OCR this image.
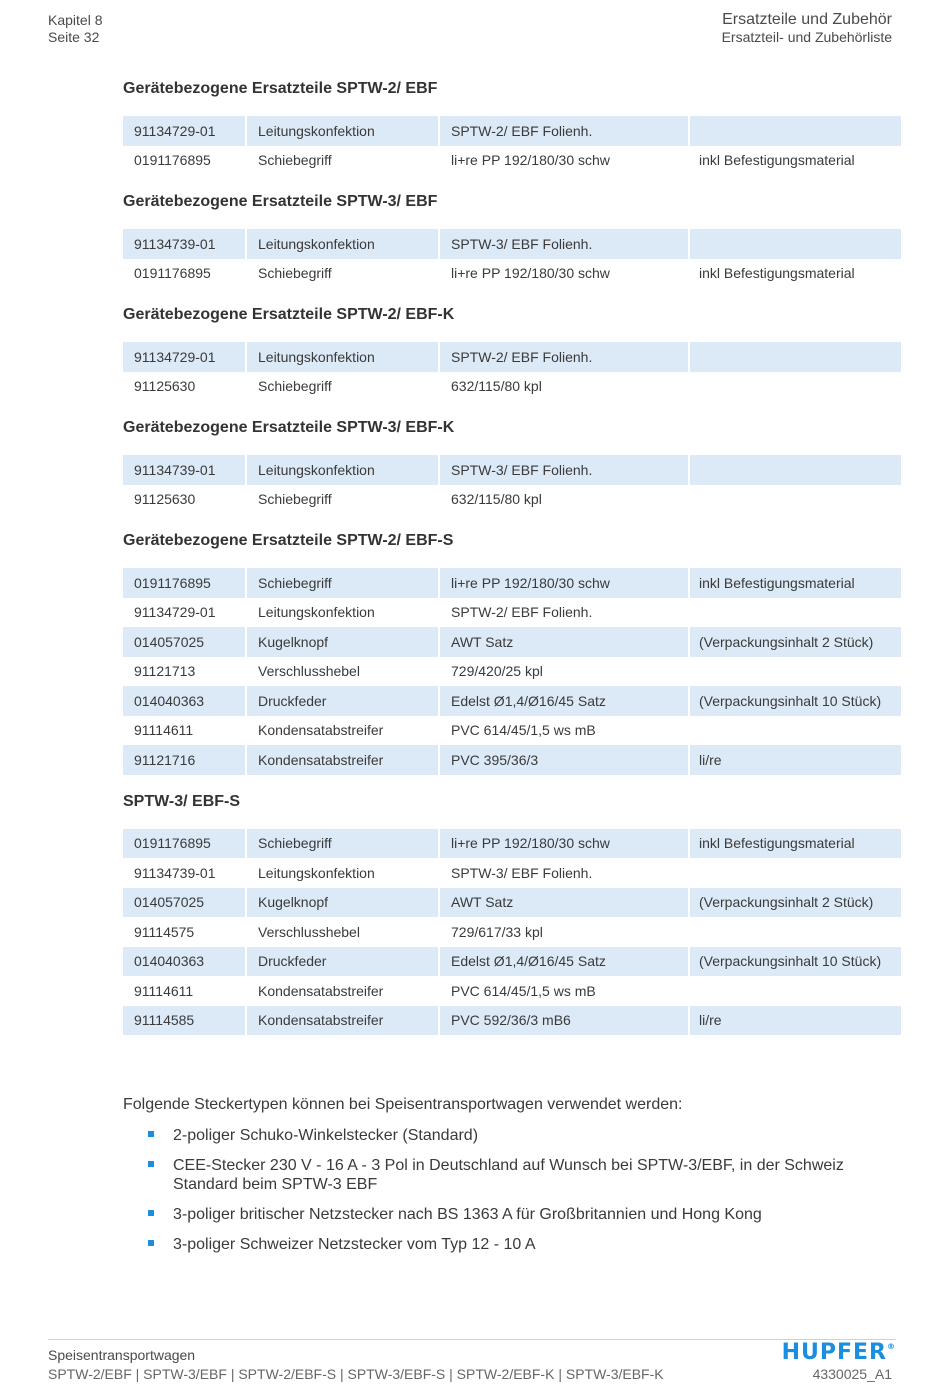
Kapitel 8
Seite 32
Ersatzteile und Zubehör
Ersatzteil- und Zubehörliste
Gerätebezogene Ersatzteile SPTW-2/ EBF
91134729-01	Leitungskonfektion	SPTW-2/ EBF Folienh.	
0191176895	Schiebegriff	li+re PP 192/180/30 schw	inkl Befestigungsmaterial
Gerätebezogene Ersatzteile SPTW-3/ EBF
91134739-01	Leitungskonfektion	SPTW-3/ EBF Folienh.	
0191176895	Schiebegriff	li+re PP 192/180/30 schw	inkl Befestigungsmaterial
Gerätebezogene Ersatzteile SPTW-2/ EBF-K
91134729-01	Leitungskonfektion	SPTW-2/ EBF Folienh.	
91125630	Schiebegriff	632/115/80 kpl	
Gerätebezogene Ersatzteile SPTW-3/ EBF-K
91134739-01	Leitungskonfektion	SPTW-3/ EBF Folienh.	
91125630	Schiebegriff	632/115/80 kpl	
Gerätebezogene Ersatzteile SPTW-2/ EBF-S
0191176895	Schiebegriff	li+re PP 192/180/30 schw	inkl Befestigungsmaterial
91134729-01	Leitungskonfektion	SPTW-2/ EBF Folienh.	
014057025	Kugelknopf	AWT Satz	(Verpackungsinhalt 2 Stück)
91121713	Verschlusshebel	729/420/25 kpl	
014040363	Druckfeder	Edelst Ø1,4/Ø16/45 Satz	(Verpackungsinhalt 10 Stück)
91114611	Kondensatabstreifer	PVC 614/45/1,5 ws mB	
91121716	Kondensatabstreifer	PVC 395/36/3	li/re
SPTW-3/ EBF-S
0191176895	Schiebegriff	li+re PP 192/180/30 schw	inkl Befestigungsmaterial
91134739-01	Leitungskonfektion	SPTW-3/ EBF Folienh.	
014057025	Kugelknopf	AWT Satz	(Verpackungsinhalt 2 Stück)
91114575	Verschlusshebel	729/617/33 kpl	
014040363	Druckfeder	Edelst Ø1,4/Ø16/45 Satz	(Verpackungsinhalt 10 Stück)
91114611	Kondensatabstreifer	PVC 614/45/1,5 ws mB	
91114585	Kondensatabstreifer	PVC 592/36/3 mB6	li/re
Folgende Steckertypen können bei Speisentransportwagen verwendet werden:
2-poliger Schuko-Winkelstecker (Standard)
CEE-Stecker 230 V - 16 A - 3 Pol in Deutschland auf Wunsch bei SPTW-3/EBF, in der Schweiz Standard beim SPTW-3 EBF
3-poliger britischer Netzstecker nach BS 1363 A für Großbritannien und Hong Kong
3-poliger Schweizer Netzstecker vom Typ 12 - 10 A
Speisentransportwagen
SPTW-2/EBF | SPTW-3/EBF | SPTW-2/EBF-S | SPTW-3/EBF-S | SPTW-2/EBF-K | SPTW-3/EBF-K
HUPFER®
4330025_A1
